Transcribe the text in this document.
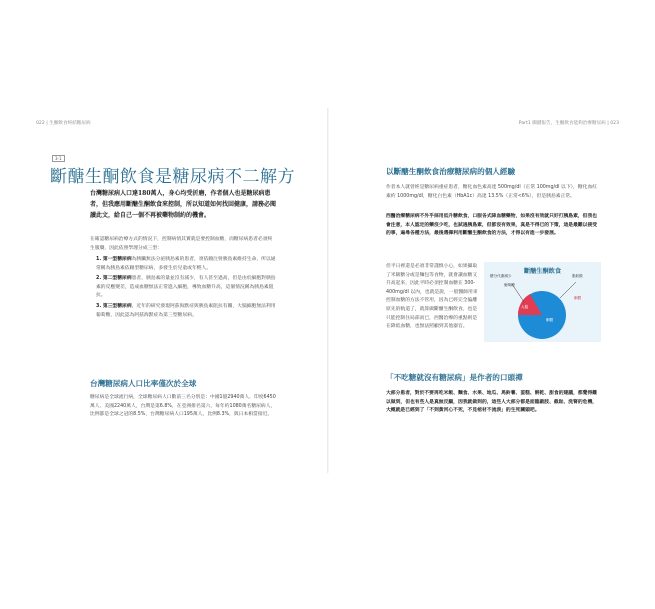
022 | 生酮飲食終結糖尿病	Part1 關鍵報告，生酮飲食能夠治療糖尿病 | 023
3-1
斷醣生酮飲食是糖尿病不二解方
台灣糖尿病人口達180萬人，身心均受折磨，作者個人也是糖尿病患者，但我應用斷醣生酮飲食來控制，所以知道如何找回健康，請務必閱讀此文，給自己一個不再被藥物制約的機會。
在確認糖尿病治療方式的情況下，控制病情其實就是要控制血糖，而糖尿病患者必須終生服藥，因此依照學理分成三型：
1. 第一型糖尿病為胰臟無法分泌胰島素的患者，須依賴注射胰島素維持生命，所以通常稱為胰島素依賴型糖尿病，多發生於兒童或年輕人。
2. 第二型糖尿病患者，胰島素的量並沒有減少，有人甚至過高，但是由於細胞對胰島素的反應變差，造成血糖無法正常進入細胞，導致血糖升高，這個情況稱為胰島素阻抗。
3. 第三型糖尿病，近年的研究發現阿茲海默症與胰島素阻抗有關，大腦細胞無法利用葡萄糖，因此認為阿茲海默症為第三型糖尿病。
台灣糖尿病人口比率僅次於全球
糖尿病是全球流行病，全球糖尿病人口數前三名分別是：中國1億2940萬人、印度6450萬人、美國2240萬人，台灣是第6.8%，在亞洲排名第六，每年約1080萬名糖尿病人，比例都是全球之冠的8.5%，台灣糖尿病人口195萬人，比例8.3%，與日本相當接近。
以斷醣生酮飲食治療糖尿病的個人經驗
作者本人就曾經是糖尿病重症患者，糖化血色素高達 500mg/dl（正常 100mg/dl 以下），糖化血紅素約 1000mg/dl，糖化白色素（HbA1c）高達 13.5%（正常<6%），但是胰島素正常。
西醫治療糖尿病不外乎採用低升糖飲食，口服各式降血糖藥物，如果沒有效就只好打胰島素，但我也會注意，本人認定的藥沒少吃，也試過胰島素，但都沒有效果，真是不得已的下策，這是最難以接受的事，遍尋各種方法，最後選擇利用斷醣生酮飲食的方法，才得以有進一步發展。
但平日裡還是必須非常謹慎小心，如果攝取了米飯糖分或是麵包等食物，就會讓血糖又升高起來，因此平時必須控制血糖在 300-400mg/dl 以內，也就是說，一般醫師用來控制血糖的方法不管用，因為已經完全偏離原先的軌道了，就算做斷醣生酮飲食，也是只能控制住局部而已，西醫治療的重點則是在降低血糖，也無法照顧到其他器官。
斷醣生酮飲食
糖分代謝減少
葡萄糖
脂肪酸
酮體
大腦
酮體
「不吃糖就沒有糖尿病」是作者的口頭禪
大部分患者，對於不要再吃米飯、麵食、水果、地瓜、馬鈴薯、蛋糕、餅乾、甜食的建議，都覺得難以做到，但也有些人是真無反顧，因我就做到的，這些人大部分都是面臨截肢、截趾、洗腎的危機，大概就是已經到了「不到黃河心不死，不見棺材不流淚」的生死關頭吧。
